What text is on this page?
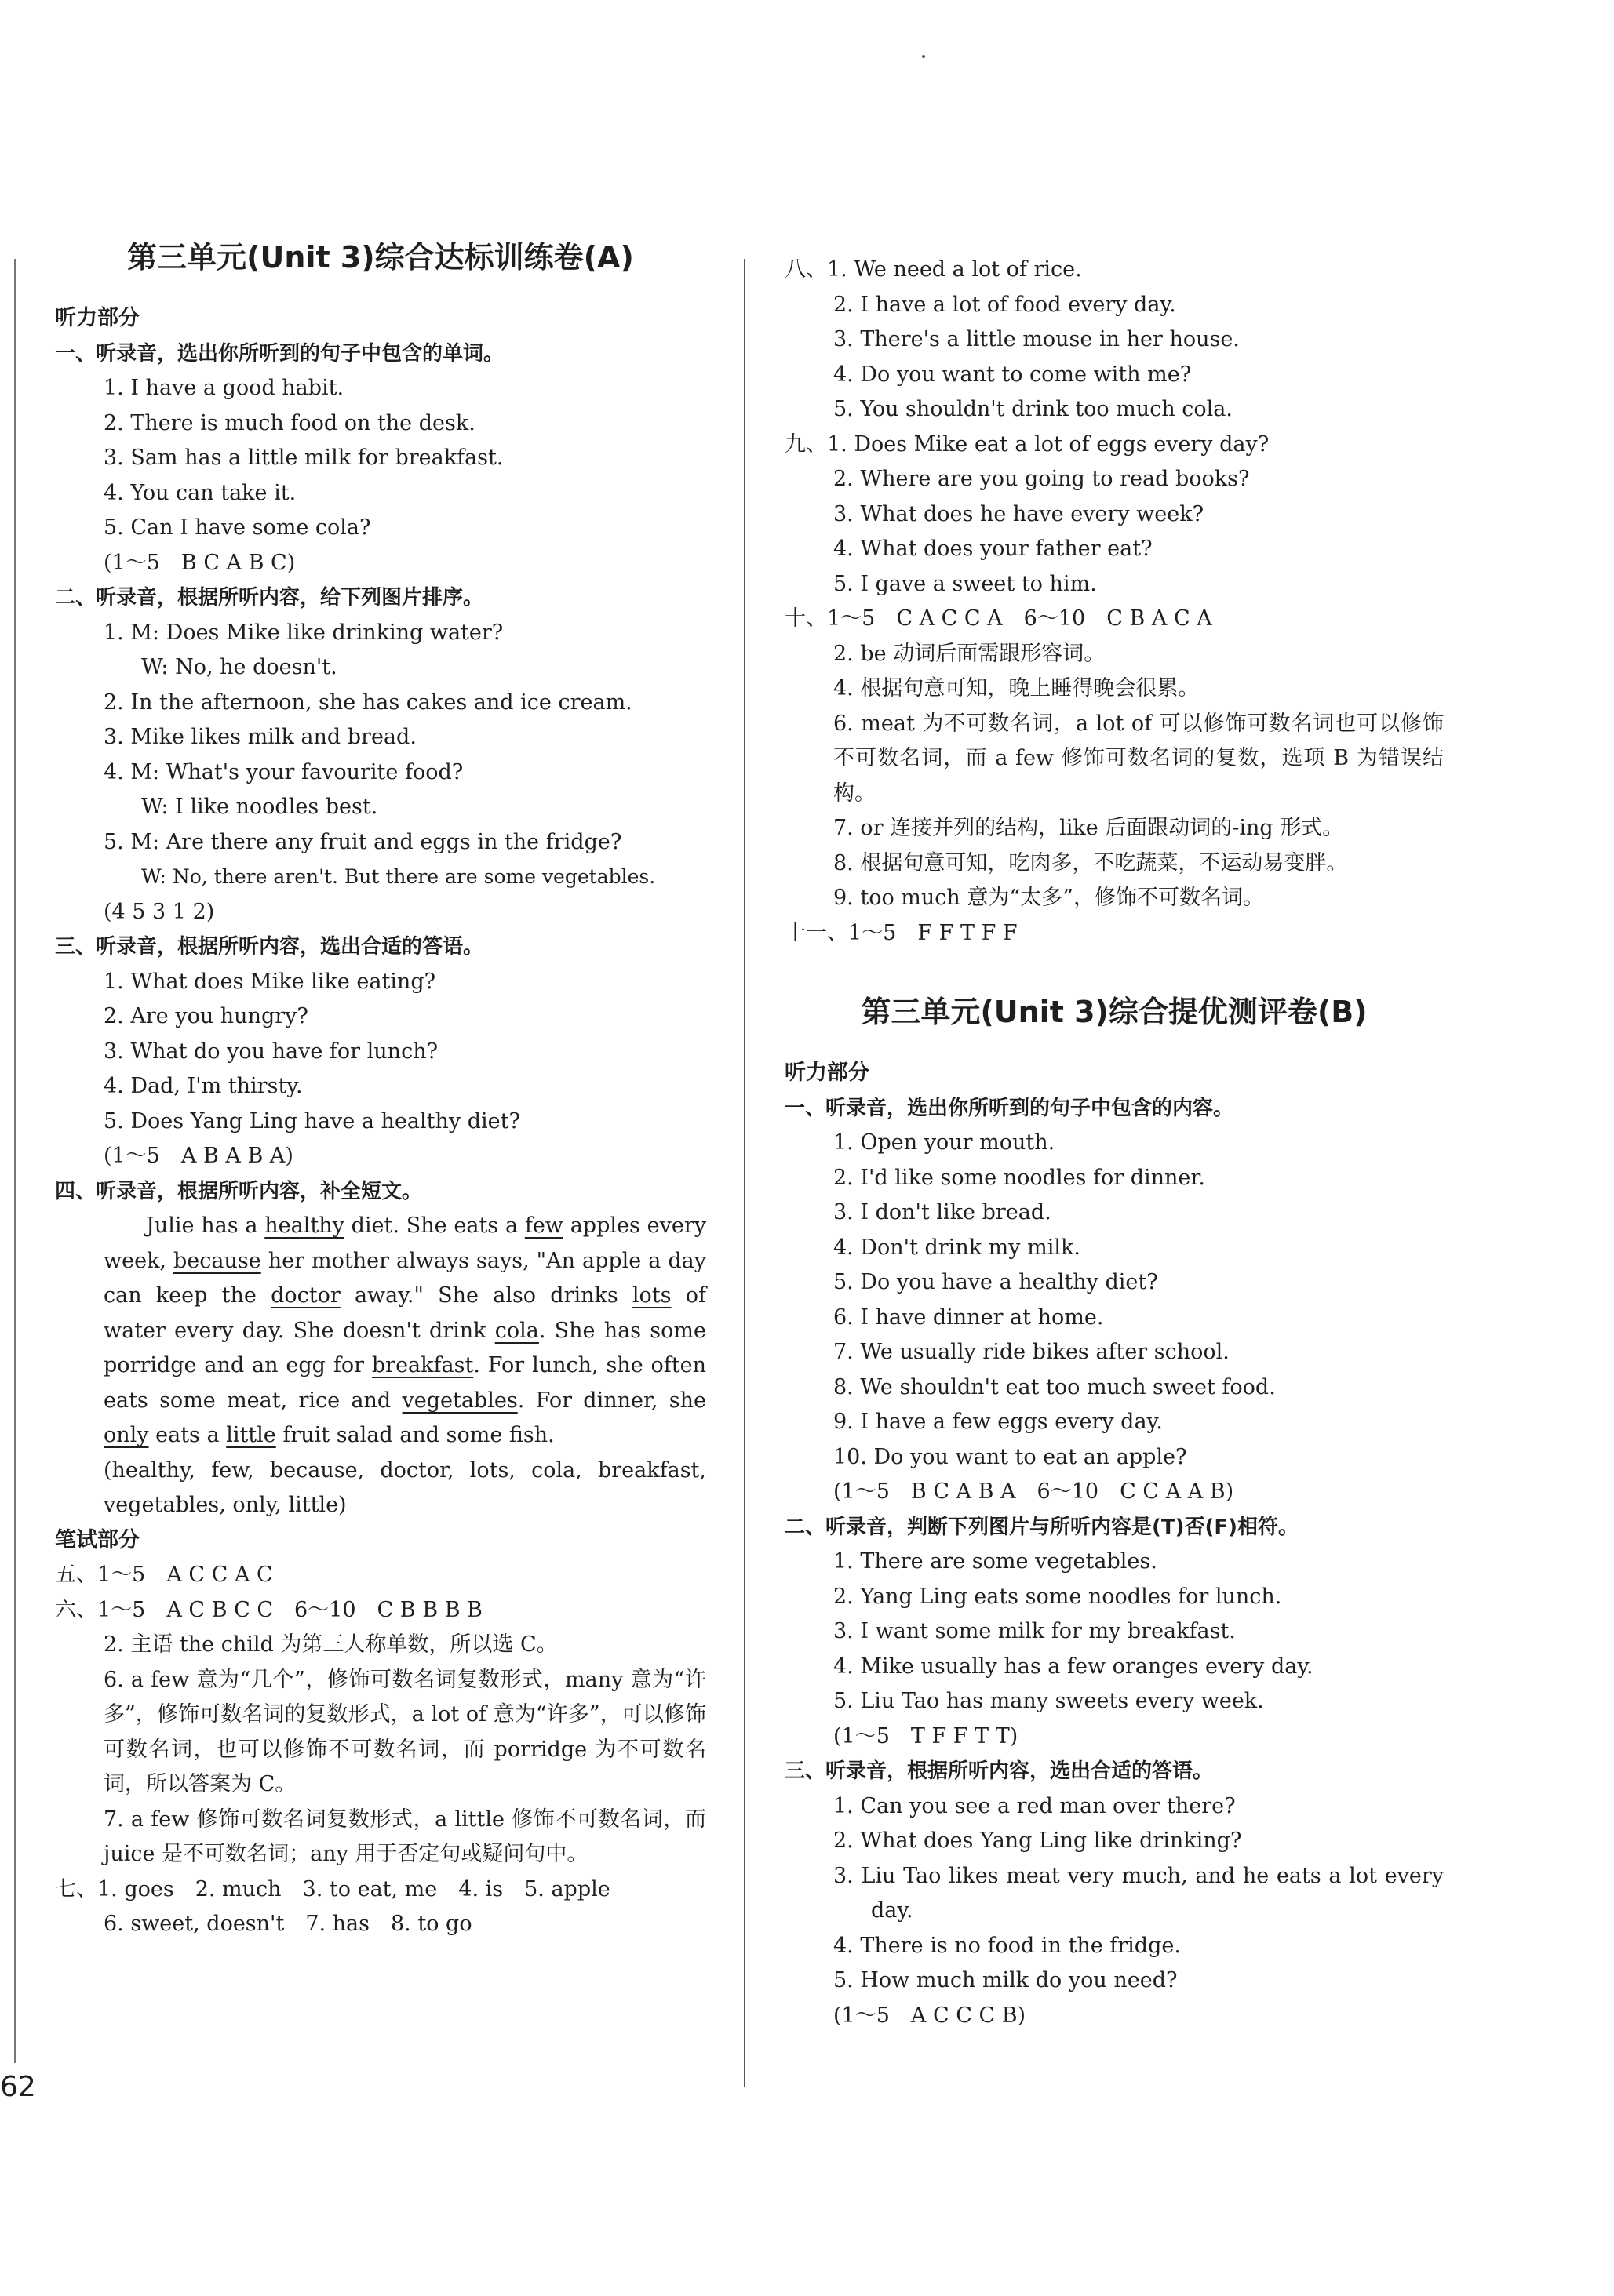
第三单元(Unit 3)综合达标训练卷(A)
听力部分
一、听录音，选出你所听到的句子中包含的单词。
1. I have a good habit.
2. There is much food on the desk.
3. Sam has a little milk for breakfast.
4. You can take it.
5. Can I have some cola?
(1～5　B C A B C)
二、听录音，根据所听内容，给下列图片排序。
1. M: Does Mike like drinking water?
W: No, he doesn't.
2. In the afternoon, she has cakes and ice cream.
3. Mike likes milk and bread.
4. M: What's your favourite food?
W: I like noodles best.
5. M: Are there any fruit and eggs in the fridge?
W: No, there aren't. But there are some vegetables.
(4 5 3 1 2)
三、听录音，根据所听内容，选出合适的答语。
1. What does Mike like eating?
2. Are you hungry?
3. What do you have for lunch?
4. Dad, I'm thirsty.
5. Does Yang Ling have a healthy diet?
(1～5　A B A B A)
四、听录音，根据所听内容，补全短文。
Julie has a healthy diet. She eats a few apples every week, because her mother always says, "An apple a day can keep the doctor away." She also drinks lots of water every day. She doesn't drink cola. She has some porridge and an egg for breakfast. For lunch, she often eats some meat, rice and vegetables. For dinner, she only eats a little fruit salad and some fish.
(healthy, few, because, doctor, lots, cola, breakfast, vegetables, only, little)
笔试部分
五、1～5　A C C A C
六、1～5　A C B C C　6～10　C B B B B
2. 主语 the child 为第三人称单数，所以选 C。
6. a few 意为“几个”，修饰可数名词复数形式，many 意为“许多”，修饰可数名词的复数形式，a lot of 意为“许多”，可以修饰可数名词，也可以修饰不可数名词，而 porridge 为不可数名词，所以答案为 C。
7. a few 修饰可数名词复数形式，a little 修饰不可数名词，而 juice 是不可数名词；any 用于否定句或疑问句中。
七、1. goes　2. much　3. to eat, me　4. is　5. apple
6. sweet, doesn't　7. has　8. to go
八、1. We need a lot of rice.
2. I have a lot of food every day.
3. There's a little mouse in her house.
4. Do you want to come with me?
5. You shouldn't drink too much cola.
九、1. Does Mike eat a lot of eggs every day?
2. Where are you going to read books?
3. What does he have every week?
4. What does your father eat?
5. I gave a sweet to him.
十、1～5　C A C C A　6～10　C B A C A
2. be 动词后面需跟形容词。
4. 根据句意可知，晚上睡得晚会很累。
6. meat 为不可数名词，a lot of 可以修饰可数名词也可以修饰不可数名词，而 a few 修饰可数名词的复数，选项 B 为错误结构。
7. or 连接并列的结构，like 后面跟动词的-ing 形式。
8. 根据句意可知，吃肉多，不吃蔬菜，不运动易变胖。
9. too much 意为“太多”，修饰不可数名词。
十一、1～5　F F T F F
第三单元(Unit 3)综合提优测评卷(B)
听力部分
一、听录音，选出你所听到的句子中包含的内容。
1. Open your mouth.
2. I'd like some noodles for dinner.
3. I don't like bread.
4. Don't drink my milk.
5. Do you have a healthy diet?
6. I have dinner at home.
7. We usually ride bikes after school.
8. We shouldn't eat too much sweet food.
9. I have a few eggs every day.
10. Do you want to eat an apple?
(1～5　B C A B A　6～10　C C A A B)
二、听录音，判断下列图片与所听内容是(T)否(F)相符。
1. There are some vegetables.
2. Yang Ling eats some noodles for lunch.
3. I want some milk for my breakfast.
4. Mike usually has a few oranges every day.
5. Liu Tao has many sweets every week.
(1～5　T F F T T)
三、听录音，根据所听内容，选出合适的答语。
1. Can you see a red man over there?
2. What does Yang Ling like drinking?
3. Liu Tao likes meat very much, and he eats a lot every day.
4. There is no food in the fridge.
5. How much milk do you need?
(1～5　A C C C B)
62
